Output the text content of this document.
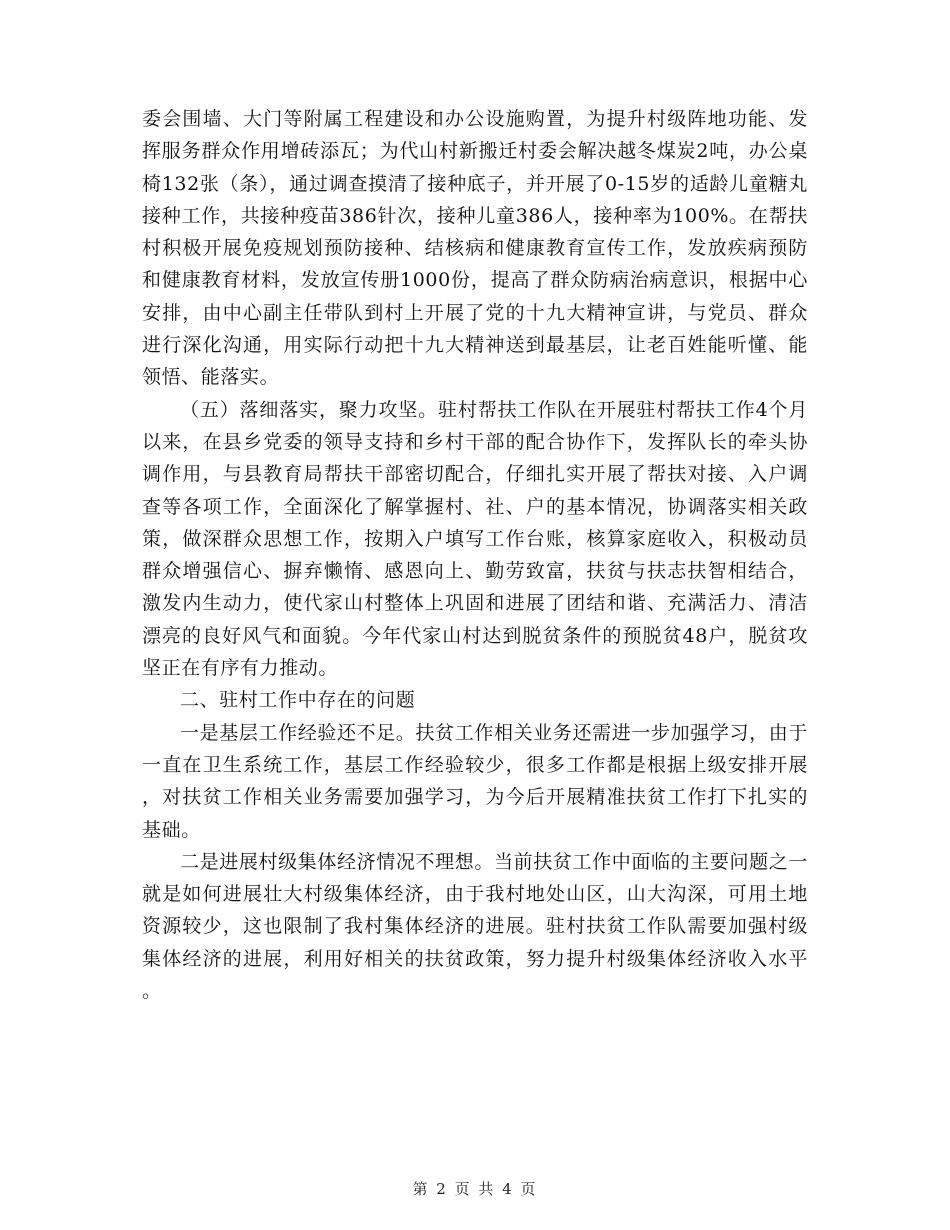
委会围墙、大门等附属工程建设和办公设施购置，为提升村级阵地功能、发挥服务群众作用增砖添瓦；为代山村新搬迁村委会解决越冬煤炭2吨，办公桌椅132张（条），通过调查摸清了接种底子，并开展了0-15岁的适龄儿童糖丸接种工作，共接种疫苗386针次，接种儿童386人，接种率为100%。在帮扶村积极开展免疫规划预防接种、结核病和健康教育宣传工作，发放疾病预防和健康教育材料，发放宣传册1000份，提高了群众防病治病意识，根据中心安排，由中心副主任带队到村上开展了党的十九大精神宣讲，与党员、群众进行深化沟通，用实际行动把十九大精神送到最基层，让老百姓能听懂、能领悟、能落实。

（五）落细落实，聚力攻坚。驻村帮扶工作队在开展驻村帮扶工作4个月以来，在县乡党委的领导支持和乡村干部的配合协作下，发挥队长的牵头协调作用，与县教育局帮扶干部密切配合，仔细扎实开展了帮扶对接、入户调查等各项工作，全面深化了解掌握村、社、户的基本情况，协调落实相关政策，做深群众思想工作，按期入户填写工作台账，核算家庭收入，积极动员群众增强信心、摒弃懒惰、感恩向上、勤劳致富，扶贫与扶志扶智相结合，激发内生动力，使代家山村整体上巩固和进展了团结和谐、充满活力、清洁漂亮的良好风气和面貌。今年代家山村达到脱贫条件的预脱贫48户，脱贫攻坚正在有序有力推动。

二、驻村工作中存在的问题

一是基层工作经验还不足。扶贫工作相关业务还需进一步加强学习，由于一直在卫生系统工作，基层工作经验较少，很多工作都是根据上级安排开展，对扶贫工作相关业务需要加强学习，为今后开展精准扶贫工作打下扎实的基础。

二是进展村级集体经济情况不理想。当前扶贫工作中面临的主要问题之一就是如何进展壮大村级集体经济，由于我村地处山区，山大沟深，可用土地资源较少，这也限制了我村集体经济的进展。驻村扶贫工作队需要加强村级集体经济的进展，利用好相关的扶贫政策，努力提升村级集体经济收入水平。

第 2 页 共 4 页
